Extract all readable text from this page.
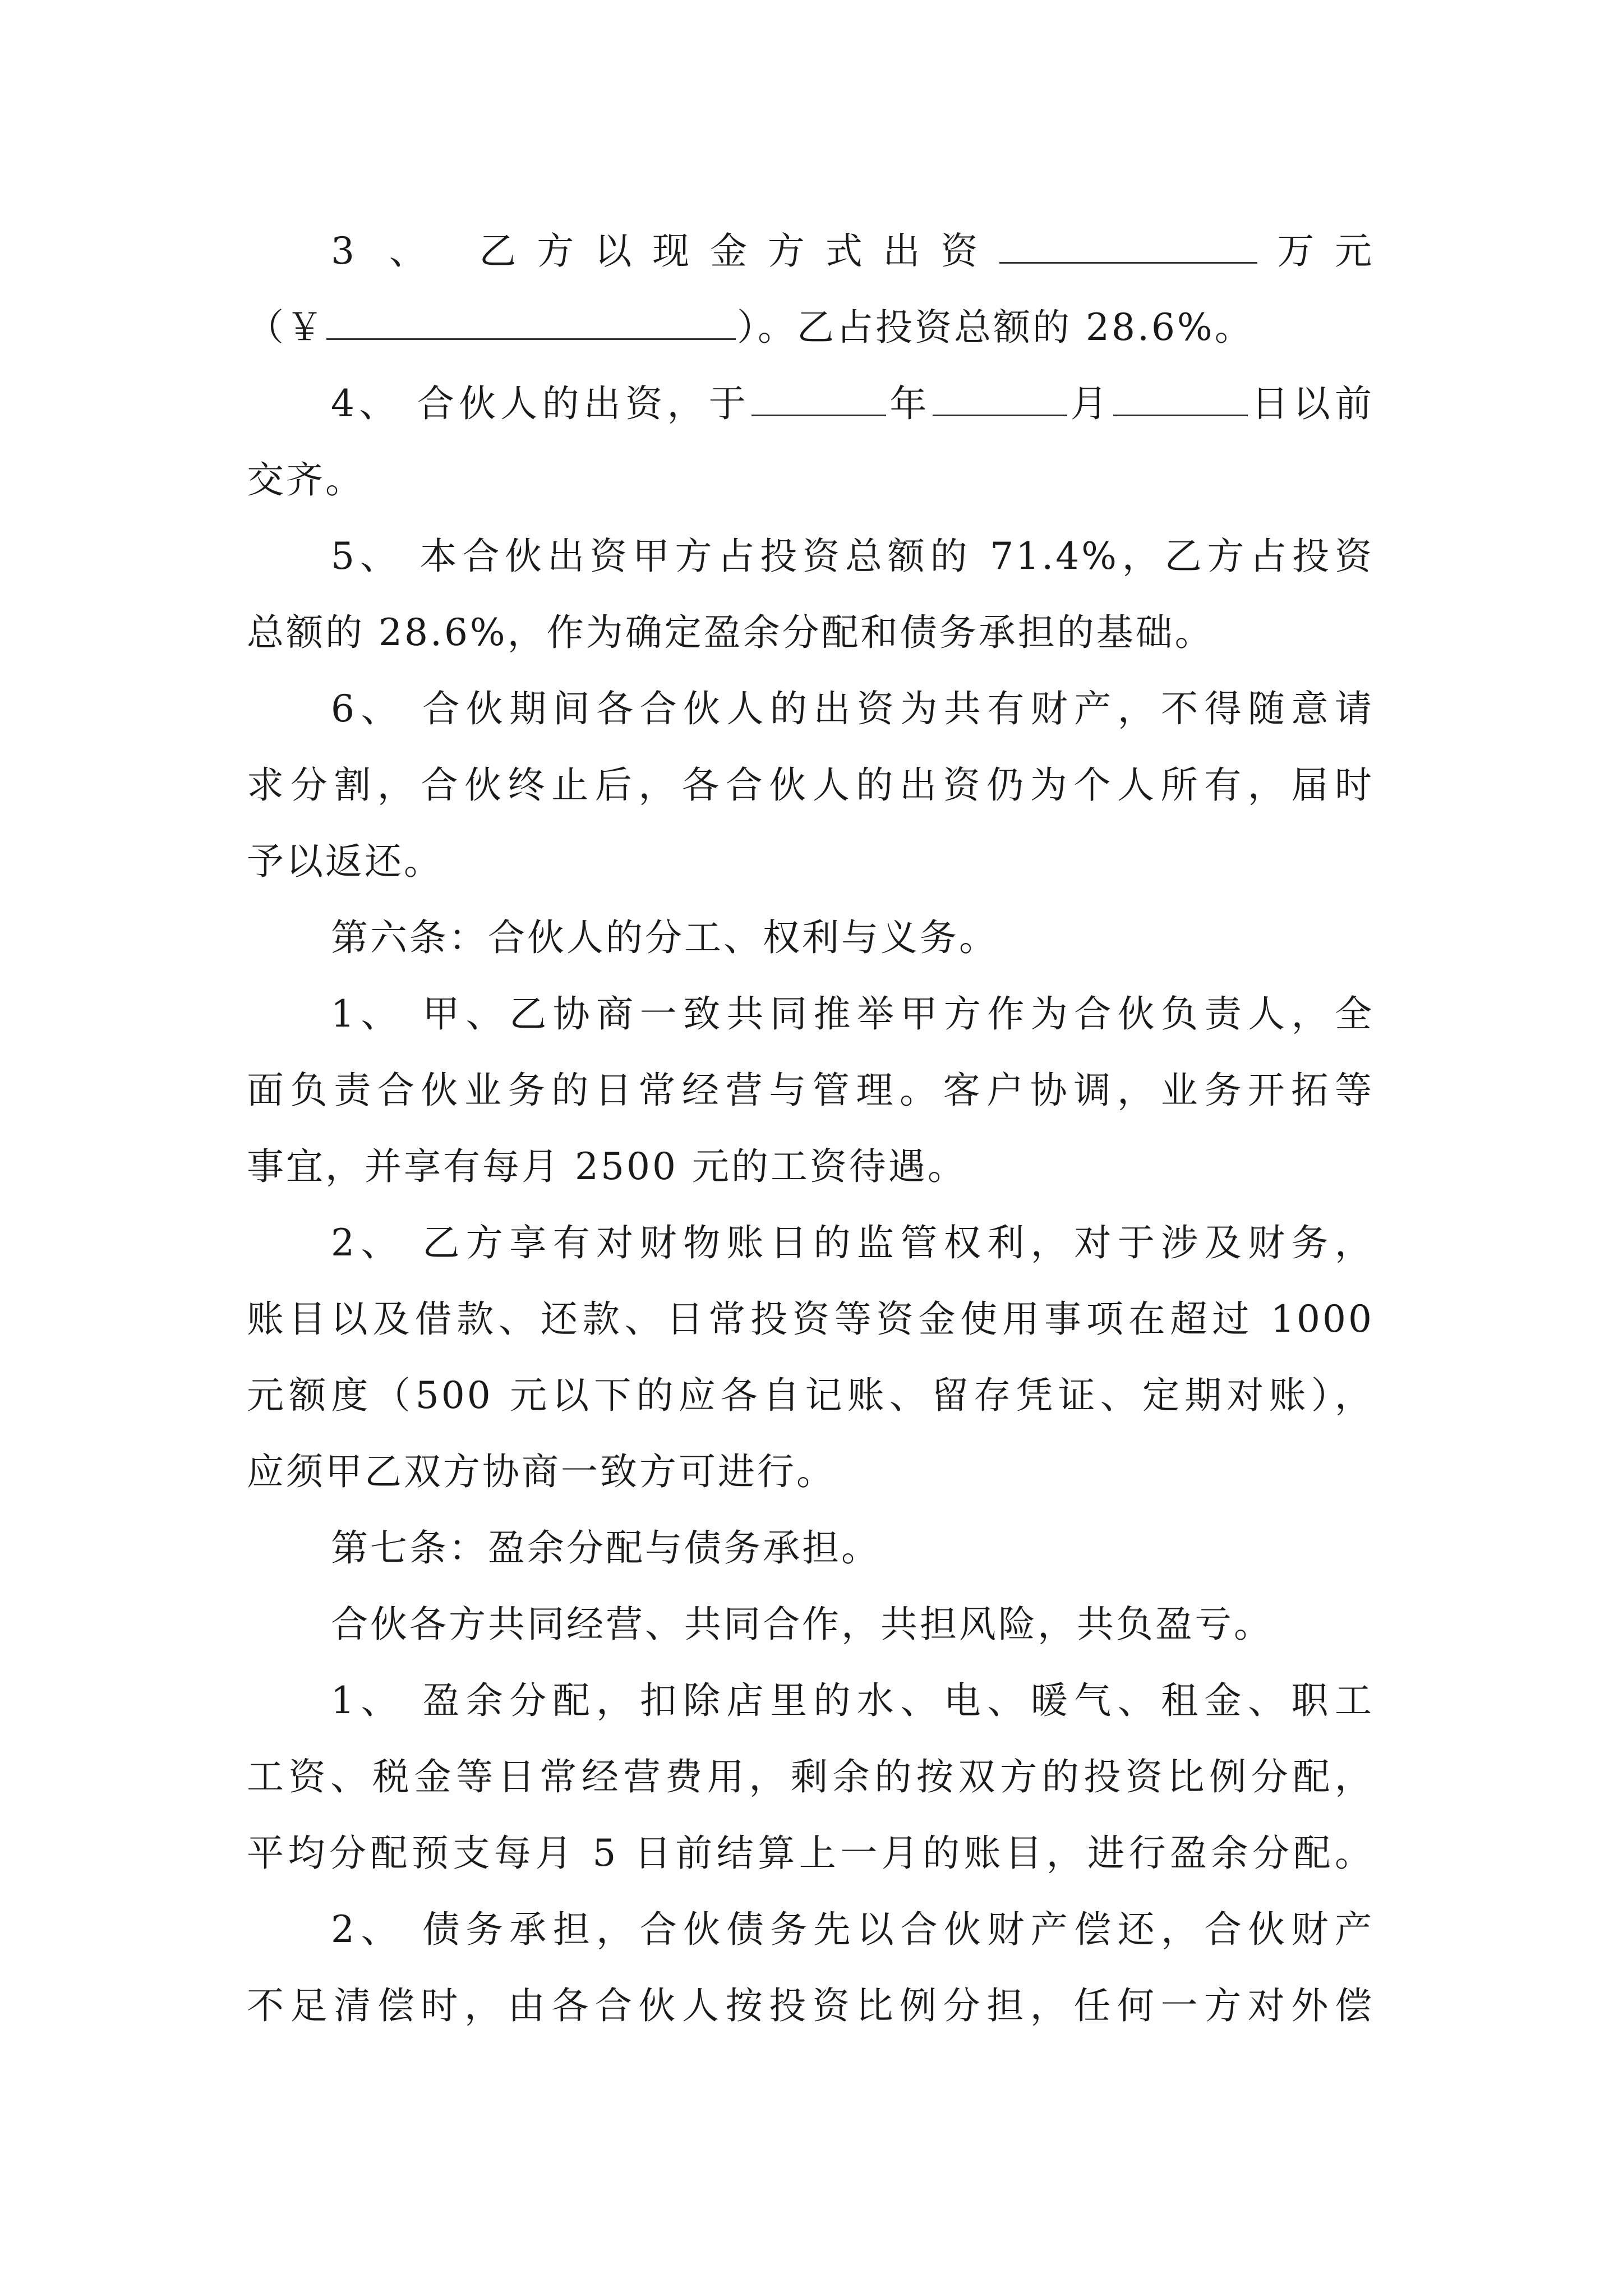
3 、 乙方以现金方式出资	万元
（￥	）。乙占投资总额的 28.6%。
4、 合伙人的出资，于	年	月	日以前
交齐。
5、 本合伙出资甲方占投资总额的 71.4%，乙方占投资
总额的 28.6%，作为确定盈余分配和债务承担的基础。
6、 合伙期间各合伙人的出资为共有财产，不得随意请
求分割，合伙终止后，各合伙人的出资仍为个人所有，届时
予以返还。
第六条：合伙人的分工、权利与义务。
1、 甲、乙协商一致共同推举甲方作为合伙负责人，全
面负责合伙业务的日常经营与管理。客户协调，业务开拓等
事宜，并享有每月 2500 元的工资待遇。
2、 乙方享有对财物账日的监管权利，对于涉及财务，
账目以及借款、还款、日常投资等资金使用事项在超过 1000
元额度（500 元以下的应各自记账、留存凭证、定期对账），
应须甲乙双方协商一致方可进行。
第七条：盈余分配与债务承担。
合伙各方共同经营、共同合作，共担风险，共负盈亏。
1、 盈余分配，扣除店里的水、电、暖气、租金、职工
工资、税金等日常经营费用，剩余的按双方的投资比例分配，
平均分配预支每月 5 日前结算上一月的账目，进行盈余分配。
2、 债务承担，合伙债务先以合伙财产偿还，合伙财产
不足清偿时，由各合伙人按投资比例分担，任何一方对外偿
